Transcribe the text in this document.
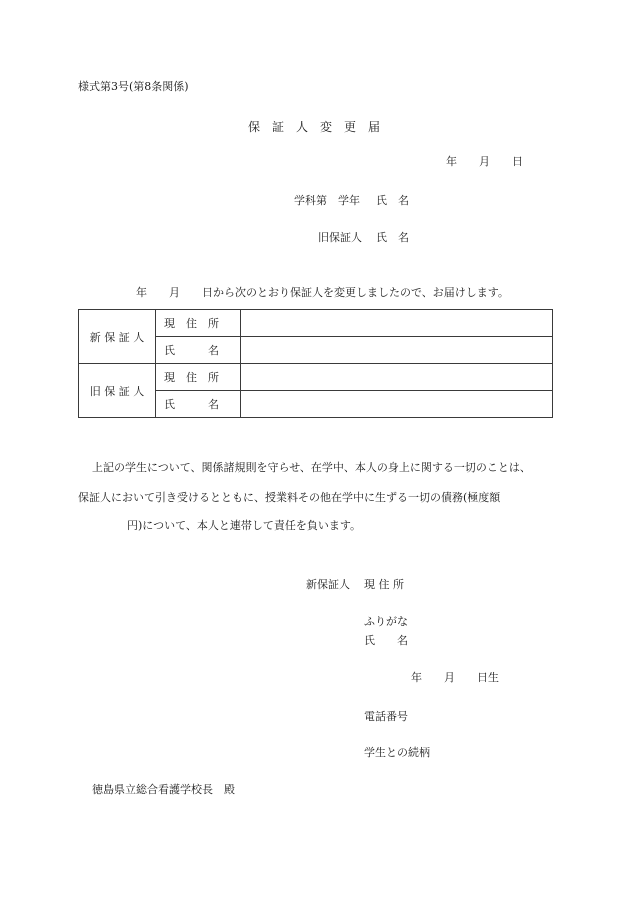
様式第3号(第8条関係)
保　証　人　変　更　届
年　　月　　日
学科第　学年 氏　名
旧保証人 氏　名
年　　月　　日から次のとおり保証人を変更しましたので、お届けします。
新 保 証 人	現　住　所	
	氏　　　名	
旧 保 証 人	現　住　所	
	氏　　　名	
上記の学生について、関係諸規則を守らせ、在学中、本人の身上に関する一切のことは、
保証人において引き受けるとともに、授業料その他在学中に生ずる一切の債務(極度額
円)について、本人と連帯して責任を負います。
新保証人 現 住 所
ふりがな
氏　　名
年　　月　　日生
電話番号
学生との続柄
徳島県立総合看護学校長　殿
